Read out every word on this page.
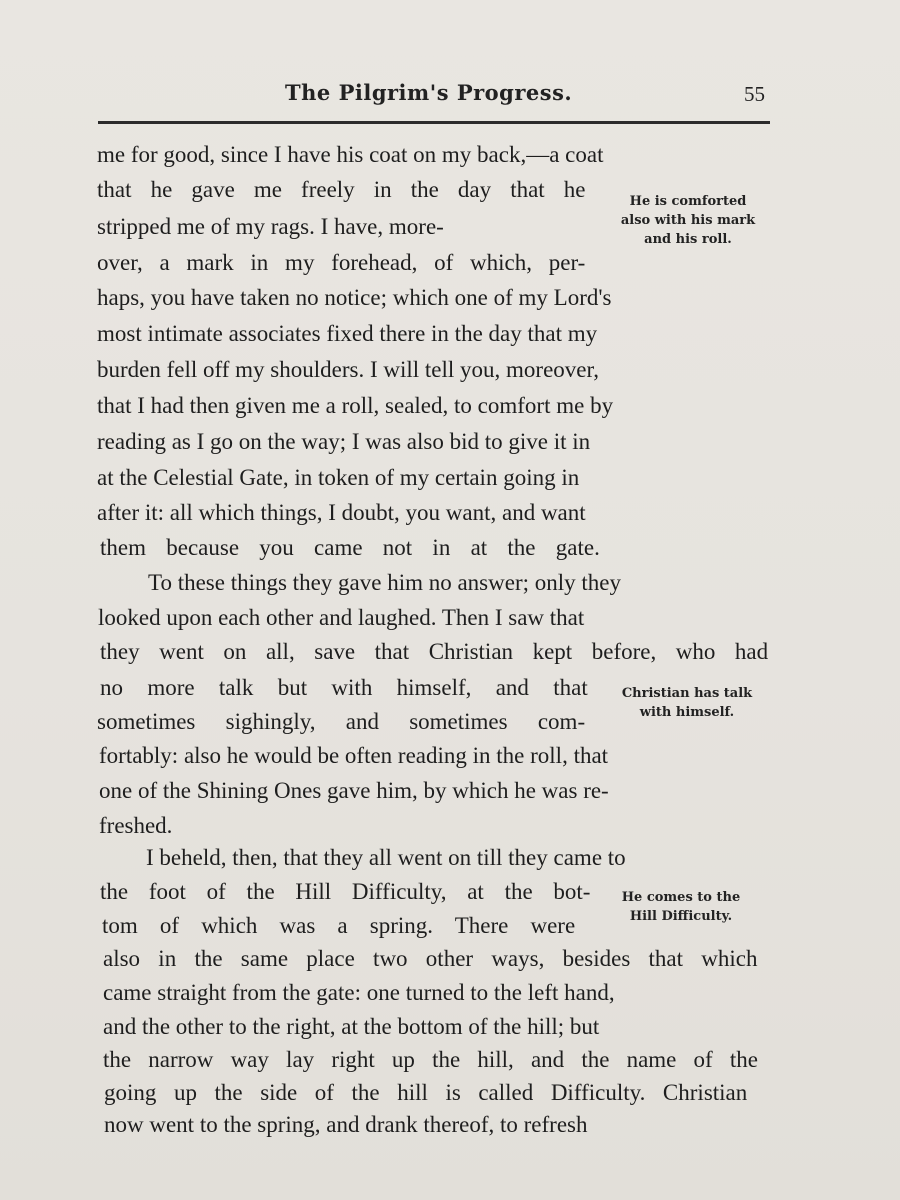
The Pilgrim's Progress.	55
me for good, since I have his coat on my back,—a coat
that he gave me freely in the day that he
stripped me of my rags. I have, more-
over, a mark in my forehead, of which, per-
haps, you have taken no notice; which one of my Lord's
most intimate associates fixed there in the day that my
burden fell off my shoulders. I will tell you, moreover,
that I had then given me a roll, sealed, to comfort me by
reading as I go on the way; I was also bid to give it in
at the Celestial Gate, in token of my certain going in
after it: all which things, I doubt, you want, and want
them because you came not in at the gate.
To these things they gave him no answer; only they
looked upon each other and laughed. Then I saw that
they went on all, save that Christian kept before, who had
no more talk but with himself, and that
sometimes sighingly, and sometimes com-
fortably: also he would be often reading in the roll, that
one of the Shining Ones gave him, by which he was re-
freshed.
I beheld, then, that they all went on till they came to
the foot of the Hill Difficulty, at the bot-
tom of which was a spring. There were
also in the same place two other ways, besides that which
came straight from the gate: one turned to the left hand,
and the other to the right, at the bottom of the hill; but
the narrow way lay right up the hill, and the name of the
going up the side of the hill is called Difficulty. Christian
now went to the spring, and drank thereof, to refresh
He is comforted
also with his mark
and his roll.
Christian has talk
with himself.
He comes to the
Hill Difficulty.
